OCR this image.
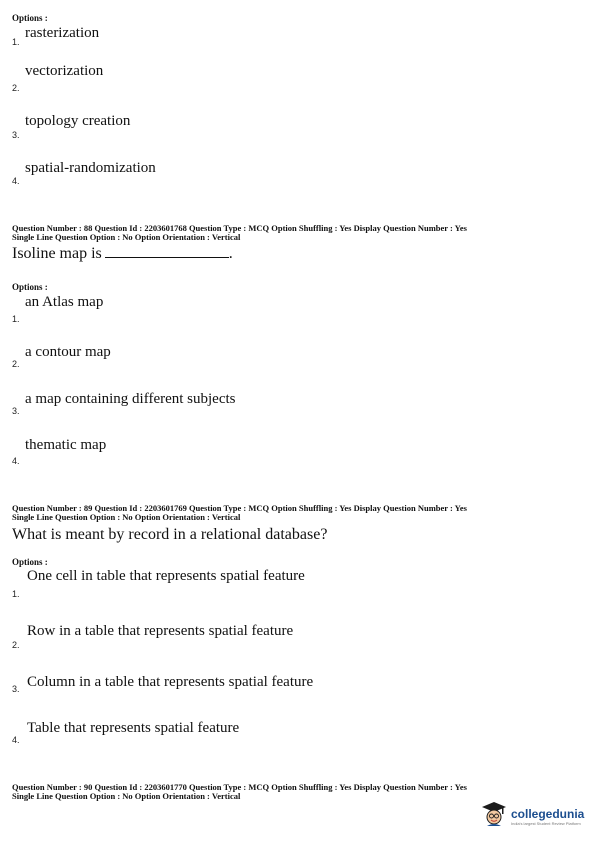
Options :
1.
rasterization
2.
vectorization
3.
topology creation
4.
spatial-randomization
Question Number : 88 Question Id : 2203601768 Question Type : MCQ Option Shuffling : Yes Display Question Number : Yes
Single Line Question Option : No Option Orientation : Vertical
Isoline map is	.
Options :
1.
an Atlas map
2.
a contour map
3.
a map containing different subjects
4.
thematic map
Question Number : 89 Question Id : 2203601769 Question Type : MCQ Option Shuffling : Yes Display Question Number : Yes
Single Line Question Option : No Option Orientation : Vertical
What is meant by record in a relational database?
Options :
1.
One cell in table that represents spatial feature
2.
Row in a table that represents spatial feature
3. Column in a table that represents spatial feature
4.
Table that represents spatial feature
Question Number : 90 Question Id : 2203601770 Question Type : MCQ Option Shuffling : Yes Display Question Number : Yes
Single Line Question Option : No Option Orientation : Vertical
collegedunia
India's largest Student Review Platform
